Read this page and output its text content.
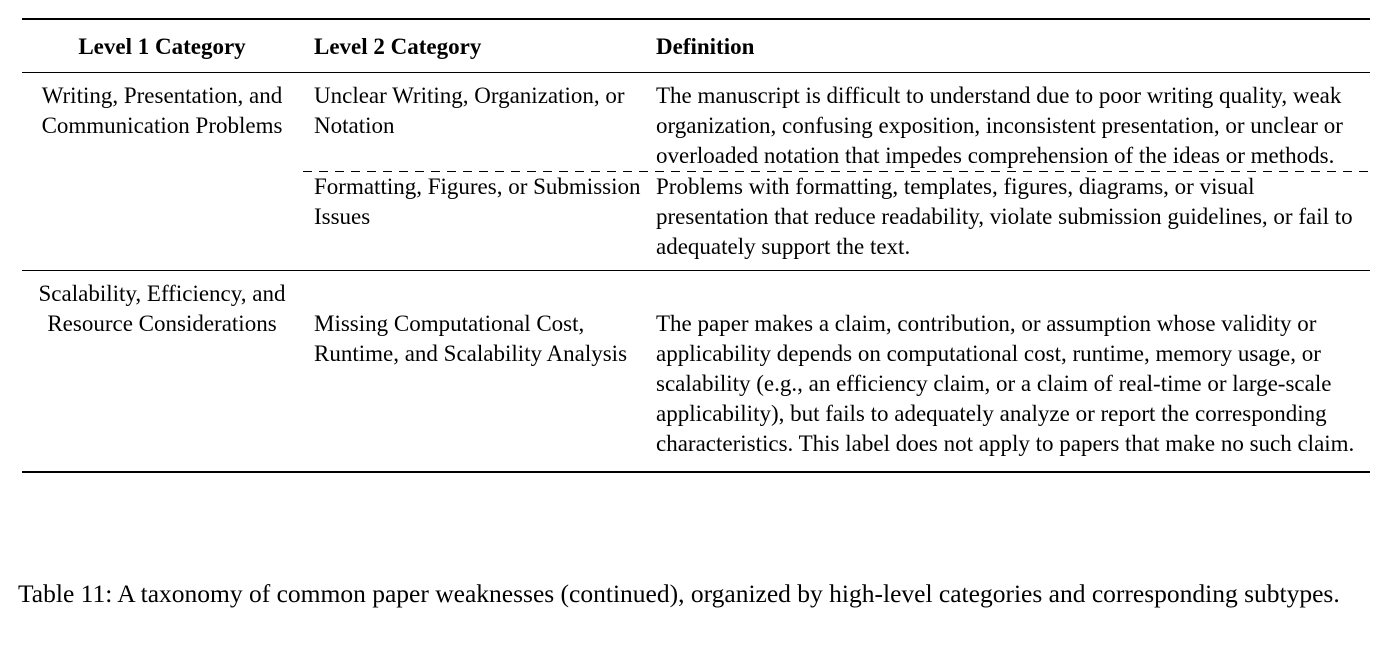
Level 1 Category	Level 2 Category	Definition
Writing, Presentation, and Communication Problems	Unclear Writing, Organization, or Notation	The manuscript is difficult to understand due to poor writing quality, weak organization, confusing exposition, inconsistent presentation, or unclear or overloaded notation that impedes comprehension of the ideas or methods.
	Formatting, Figures, or Submission Issues	Problems with formatting, templates, figures, diagrams, or visual presentation that reduce readability, violate submission guidelines, or fail to adequately support the text.
Scalability, Efficiency, and Resource Considerations	Missing Computational Cost, Runtime, and Scalability Analysis	The paper makes a claim, contribution, or assumption whose validity or applicability depends on computational cost, runtime, memory usage, or scalability (e.g., an efficiency claim, or a claim of real-time or large-scale applicability), but fails to adequately analyze or report the corresponding characteristics. This label does not apply to papers that make no such claim.
Table 11: A taxonomy of common paper weaknesses (continued), organized by high-level categories and corresponding subtypes.
